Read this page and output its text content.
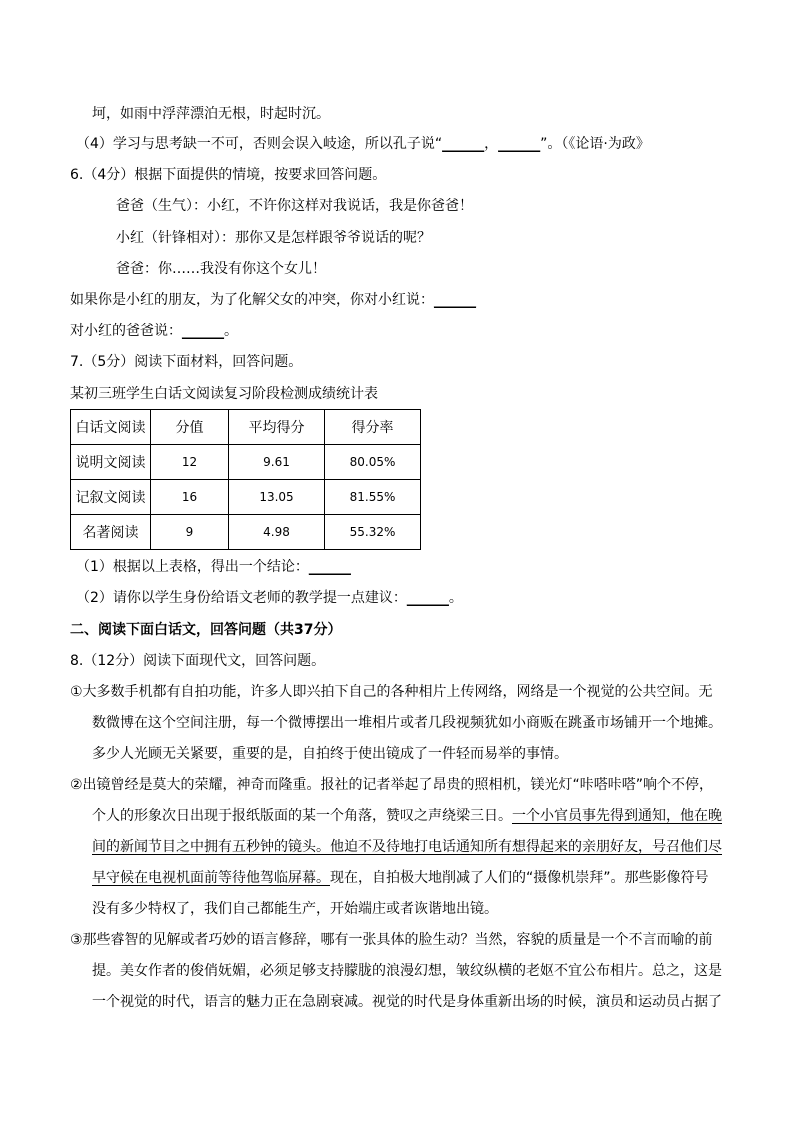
坷，如雨中浮萍漂泊无根，时起时沉。
（4）学习与思考缺一不可，否则会误入岐途，所以孔子说“______，______”。（《论语·为政》
6.（4分）根据下面提供的情境，按要求回答问题。
爸爸（生气）：小红，不许你这样对我说话，我是你爸爸！
小红（针锋相对）：那你又是怎样跟爷爷说话的呢？
爸爸：你……我没有你这个女儿！
如果你是小红的朋友，为了化解父女的冲突，你对小红说：______
对小红的爸爸说：______。
7.（5分）阅读下面材料，回答问题。
某初三班学生白话文阅读复习阶段检测成绩统计表
白话文阅读	分值	平均得分	得分率
说明文阅读	12	9.61	80.05%
记叙文阅读	16	13.05	81.55%
名著阅读	9	4.98	55.32%
（1）根据以上表格，得出一个结论：______
（2）请你以学生身份给语文老师的教学提一点建议：______。
二、阅读下面白话文，回答问题（共37分）
8.（12分）阅读下面现代文，回答问题。
①大多数手机都有自拍功能，许多人即兴拍下自己的各种相片上传网络，网络是一个视觉的公共空间。无
数微博在这个空间注册，每一个微博摆出一堆相片或者几段视频犹如小商贩在跳蚤市场铺开一个地摊。
多少人光顾无关紧要，重要的是，自拍终于使出镜成了一件轻而易举的事情。
②出镜曾经是莫大的荣耀，神奇而隆重。报社的记者举起了昂贵的照相机，镁光灯“咔嗒咔嗒”响个不停，
个人的形象次日出现于报纸版面的某一个角落，赞叹之声绕梁三日。一个小官员事先得到通知，他在晚
间的新闻节目之中拥有五秒钟的镜头。他迫不及待地打电话通知所有想得起来的亲朋好友，号召他们尽
早守候在电视机面前等待他驾临屏幕。现在，自拍极大地削减了人们的“摄像机崇拜”。那些影像符号
没有多少特权了，我们自己都能生产，开始端庄或者诙谐地出镜。
③那些睿智的见解或者巧妙的语言修辞，哪有一张具体的脸生动？当然，容貌的质量是一个不言而喻的前
提。美女作者的俊俏妩媚，必须足够支持朦胧的浪漫幻想，皱纹纵横的老妪不宜公布相片。总之，这是
一个视觉的时代，语言的魅力正在急剧衰减。视觉的时代是身体重新出场的时候，演员和运动员占据了
